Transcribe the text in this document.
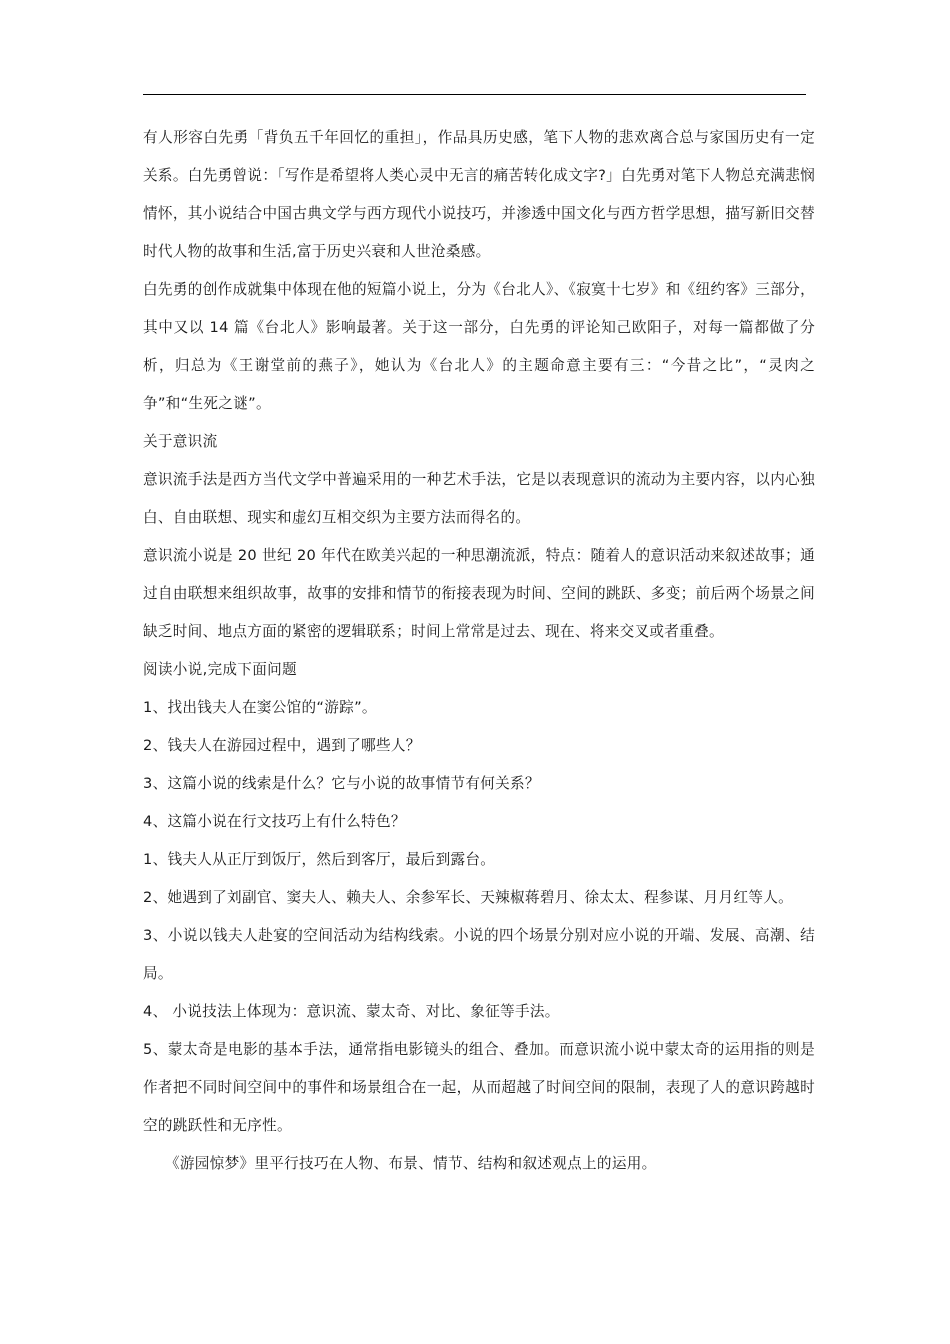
有人形容白先勇「背负五千年回忆的重担」，作品具历史感，笔下人物的悲欢离合总与家国历史有一定关系。白先勇曾说：「写作是希望将人类心灵中无言的痛苦转化成文字?」白先勇对笔下人物总充满悲悯情怀，其小说结合中国古典文学与西方现代小说技巧，并渗透中国文化与西方哲学思想，描写新旧交替时代人物的故事和生活,富于历史兴衰和人世沧桑感。

白先勇的创作成就集中体现在他的短篇小说上，分为《台北人》、《寂寞十七岁》和《纽约客》三部分，其中又以 14 篇《台北人》影响最著。关于这一部分，白先勇的评论知己欧阳子，对每一篇都做了分析，归总为《王谢堂前的燕子》，她认为《台北人》的主题命意主要有三：“今昔之比”，“灵肉之争”和“生死之谜”。

关于意识流

意识流手法是西方当代文学中普遍采用的一种艺术手法，它是以表现意识的流动为主要内容，以内心独白、自由联想、现实和虚幻互相交织为主要方法而得名的。

意识流小说是 20 世纪 20 年代在欧美兴起的一种思潮流派，特点：随着人的意识活动来叙述故事；通过自由联想来组织故事，故事的安排和情节的衔接表现为时间、空间的跳跃、多变；前后两个场景之间缺乏时间、地点方面的紧密的逻辑联系；时间上常常是过去、现在、将来交叉或者重叠。

阅读小说,完成下面问题

1、找出钱夫人在窦公馆的“游踪”。

2、钱夫人在游园过程中，遇到了哪些人？

3、这篇小说的线索是什么？它与小说的故事情节有何关系？

4、这篇小说在行文技巧上有什么特色？

1、钱夫人从正厅到饭厅，然后到客厅，最后到露台。

2、她遇到了刘副官、窦夫人、赖夫人、余参军长、天辣椒蒋碧月、徐太太、程参谋、月月红等人。

3、小说以钱夫人赴宴的空间活动为结构线索。小说的四个场景分别对应小说的开端、发展、高潮、结局。

4、 小说技法上体现为：意识流、蒙太奇、对比、象征等手法。

5、蒙太奇是电影的基本手法，通常指电影镜头的组合、叠加。而意识流小说中蒙太奇的运用指的则是作者把不同时间空间中的事件和场景组合在一起，从而超越了时间空间的限制，表现了人的意识跨越时空的跳跃性和无序性。

《游园惊梦》里平行技巧在人物、布景、情节、结构和叙述观点上的运用。
